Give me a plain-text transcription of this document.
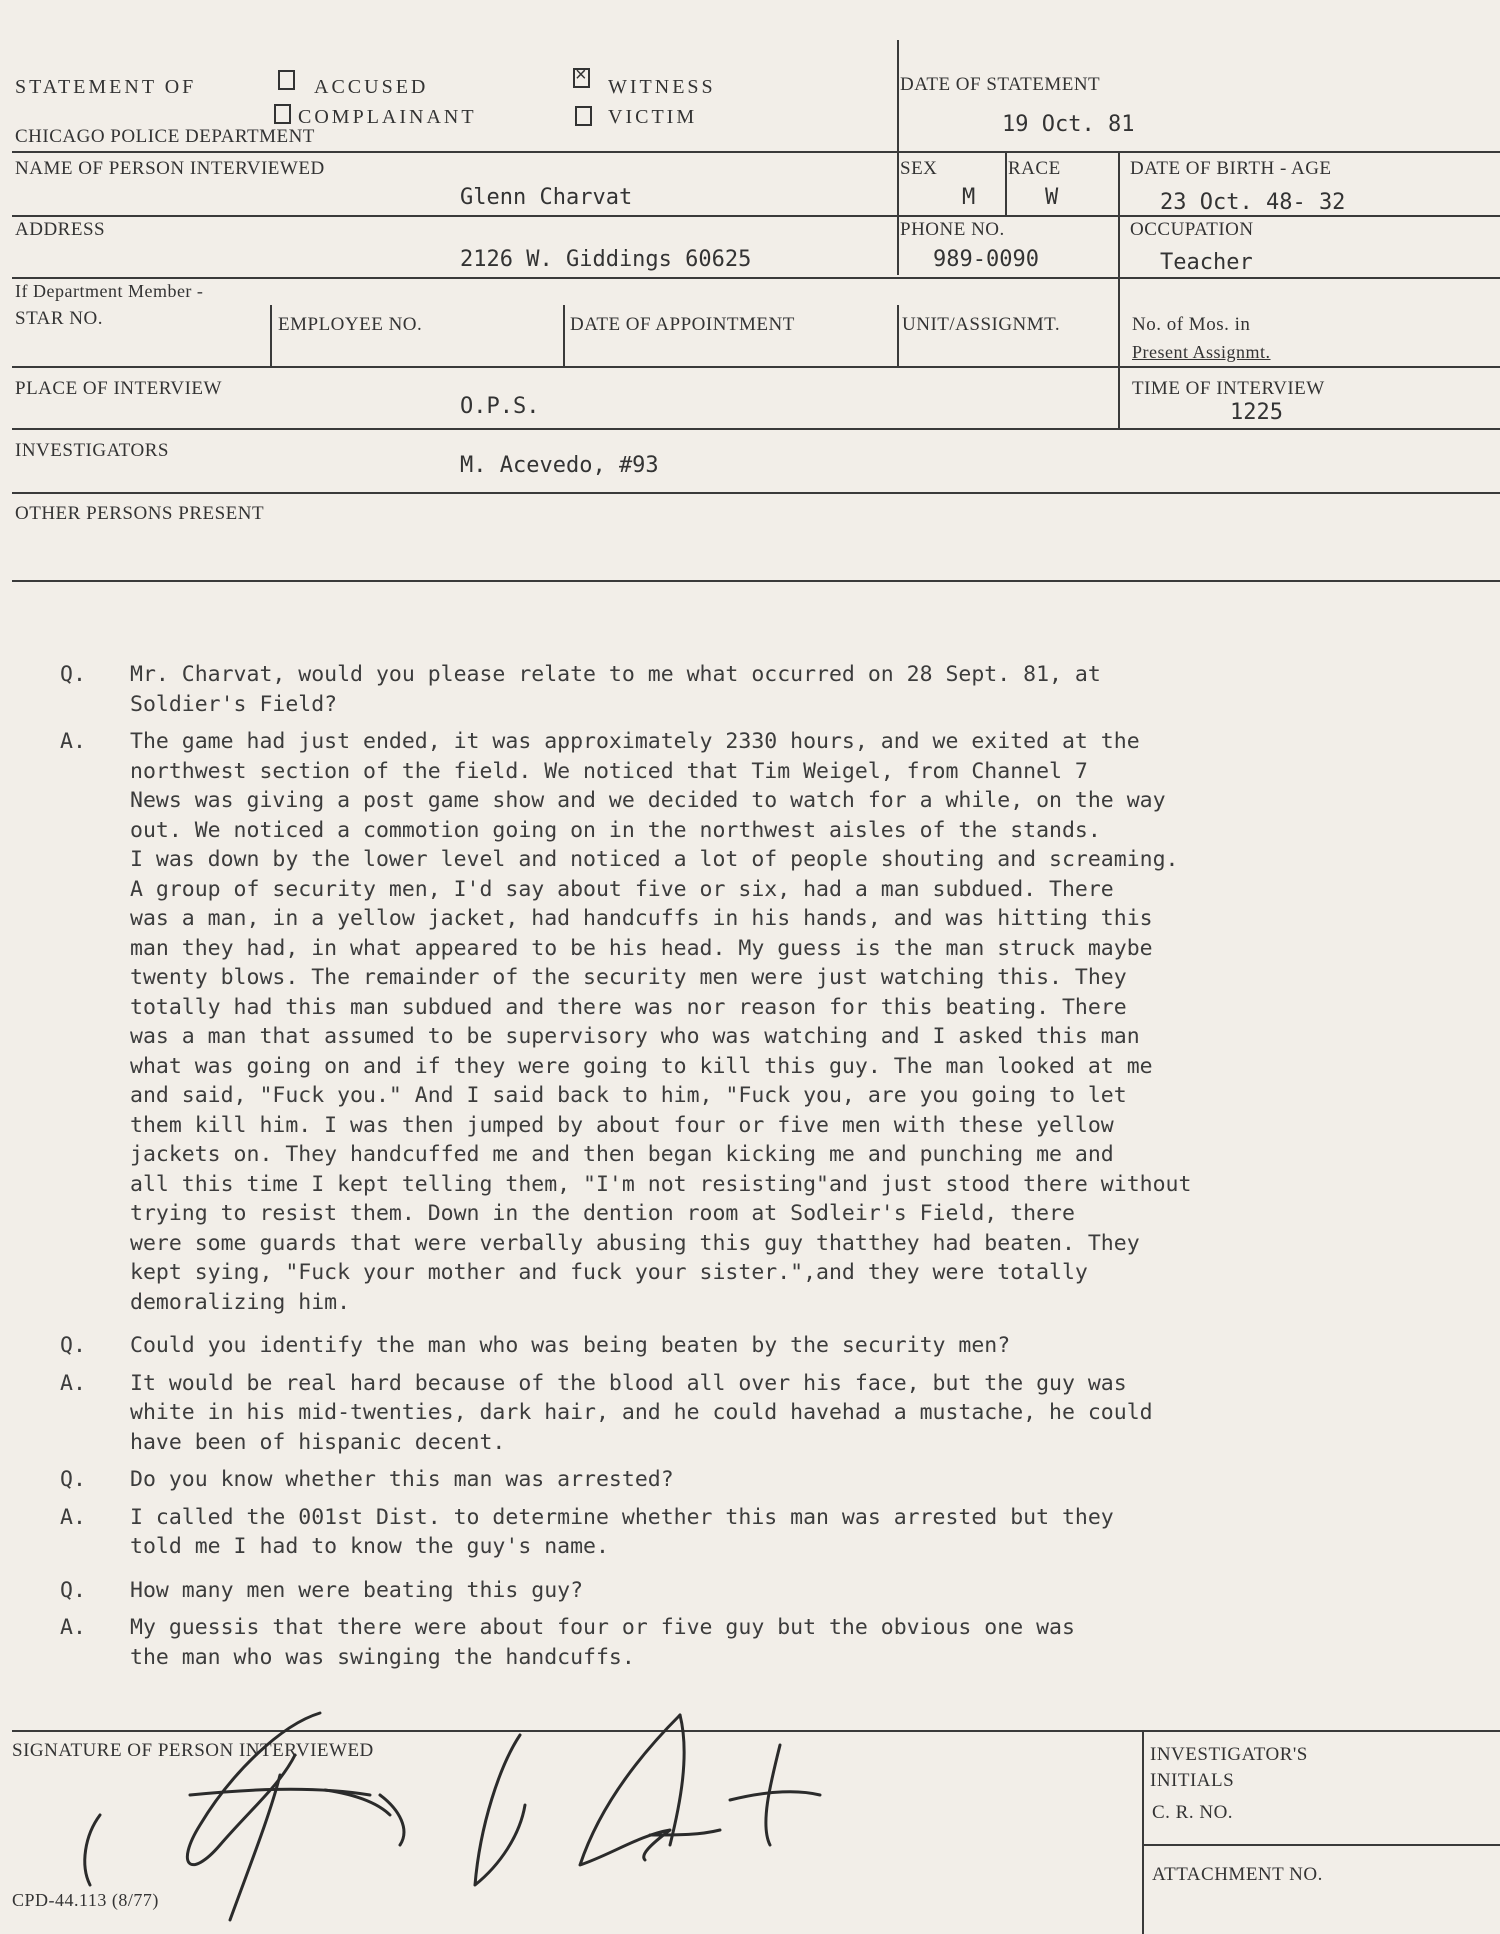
STATEMENT OF	ACCUSED
COMPLAINANT
×
WITNESS
VICTIM
CHICAGO POLICE DEPARTMENT
DATE OF STATEMENT
19 Oct. 81
NAME OF PERSON INTERVIEWED
Glenn Charvat
SEX
M
RACE
W
DATE OF BIRTH - AGE
23 Oct. 48- 32
ADDRESS
2126 W. Giddings 60625
PHONE NO.
989-0090
OCCUPATION
Teacher
If Department Member -
STAR NO.	EMPLOYEE NO.	DATE OF APPOINTMENT	UNIT/ASSIGNMT.	No. of Mos. in
Present Assignmt.
PLACE OF INTERVIEW
O.P.S.
TIME OF INTERVIEW
1225
INVESTIGATORS
M. Acevedo, #93
OTHER PERSONS PRESENT
Q.	Mr. Charvat, would you please relate to me what occurred on 28 Sept. 81, at
Soldier's Field?
A.	The game had just ended, it was approximately 2330 hours, and we exited at the
northwest section of the field. We noticed that Tim Weigel, from Channel 7
News was giving a post game show and we decided to watch for a while, on the way
out. We noticed a commotion going on in the northwest aisles of the stands.
I was down by the lower level and noticed a lot of people shouting and screaming.
A group of security men, I'd say about five or six, had a man subdued. There
was a man, in a yellow jacket, had handcuffs in his hands, and was hitting this
man they had, in what appeared to be his head. My guess is the man struck maybe
twenty blows. The remainder of the security men were just watching this. They
totally had this man subdued and there was nor reason for this beating. There
was a man that assumed to be supervisory who was watching and I asked this man
what was going on and if they were going to kill this guy. The man looked at me
and said, "Fuck you." And I said back to him, "Fuck you, are you going to let
them kill him. I was then jumped by about four or five men with these yellow
jackets on. They handcuffed me and then began kicking me and punching me and
all this time I kept telling them, "I'm not resisting"and just stood there without
trying to resist them. Down in the dention room at Sodleir's Field, there
were some guards that were verbally abusing this guy thatthey had beaten. They
kept sying, "Fuck your mother and fuck your sister.",and they were totally
demoralizing him.
Q.	Could you identify the man who was being beaten by the security men?
A.	It would be real hard because of the blood all over his face, but the guy was
white in his mid-twenties, dark hair, and he could havehad a mustache, he could
have been of hispanic decent.
Q.	Do you know whether this man was arrested?
A.	I called the 001st Dist. to determine whether this man was arrested but they
told me I had to know the guy's name.
Q.	How many men were beating this guy?
A.	My guessis that there were about four or five guy but the obvious one was
the man who was swinging the handcuffs.
SIGNATURE OF PERSON INTERVIEWED
CPD-44.113 (8/77)
INVESTIGATOR'S
INITIALS
C. R. NO.
ATTACHMENT NO.
